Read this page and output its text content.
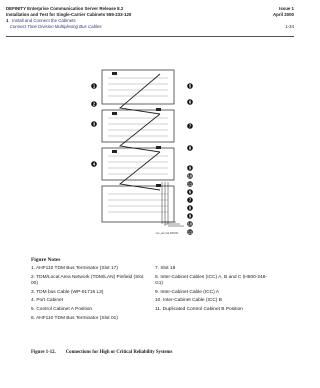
DEFINITY Enterprise Communication Server Release 8.2	Issue 1
Installation and Test for Single-Carrier Cabinets 555-233-120	April 2000
1 Install and Connect the Cabinets
Connect Time Division Multiplexing Bus Cables	1-24
1
2
3
4
5
6
7
8
9
10
11
6
7
8
9
10
11
cec_sta 112 RPI/99
Figure Notes
1. AHF110 TDM Bus Terminator (Slot 17)
2. TDM/Local Area Network (TDM/LAN) Pinfield (Slot 00)
3. TDM bus Cable (WP-91716 L3)
4. Port Cabinet
5. Control Cabinet A Position
6. AHF110 TDM Bus Terminator (Slot 01)
7. Slot 18
8. Inter-Cabinet Cables (ICC) A, B and C (H600-248-G1)
9. Inter-Cabinet Cable (ICC) A
10. Inter-Cabinet Cable (ICC) B
11. Duplicated Control Cabinet B Position
Figure 1-12. Connections for High or Critical Reliability Systems
